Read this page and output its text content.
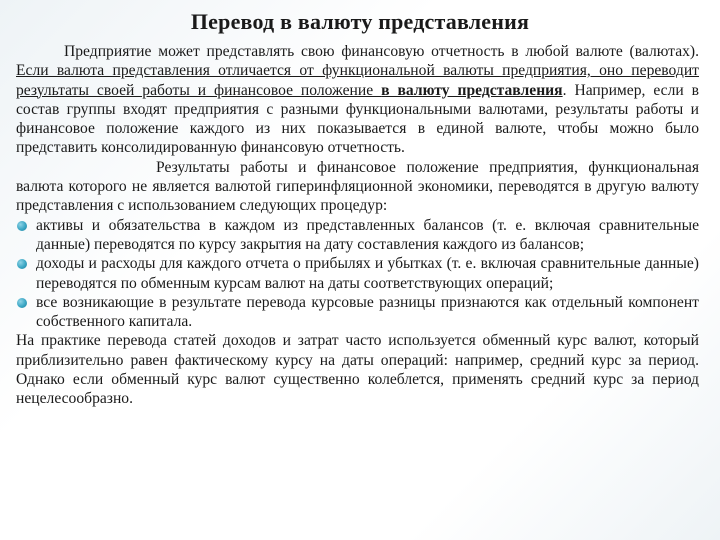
Перевод в валюту представления

Предприятие может представлять свою финансовую отчетность в любой валюте (валютах). Если валюта представления отличается от функциональной валюты предприятия, оно переводит результаты своей работы и финансовое положение в валюту представления. Например, если в состав группы входят предприятия с разными функциональными валютами, результаты работы и финансовое положение каждого из них показывается в единой валюте, чтобы можно было представить консолидированную финансовую отчетность.

Результаты работы и финансовое положение предприятия, функциональная валюта которого не является валютой гиперинфляционной экономики, переводятся в другую валюту представления с использованием следующих процедур:

активы и обязательства в каждом из представленных балансов (т. е. включая сравнительные данные) переводятся по курсу закрытия на дату составления каждого из балансов;
доходы и расходы для каждого отчета о прибылях и убытках (т. е. включая сравнительные данные) переводятся по обменным курсам валют на даты соответствующих операций;
все возникающие в результате перевода курсовые разницы признаются как отдельный компонент собственного капитала.

На практике перевода статей доходов и затрат часто используется обменный курс валют, который приблизительно равен фактическому курсу на даты операций: например, средний курс за период. Однако если обменный курс валют существенно колеблется, применять средний курс за период нецелесообразно.
